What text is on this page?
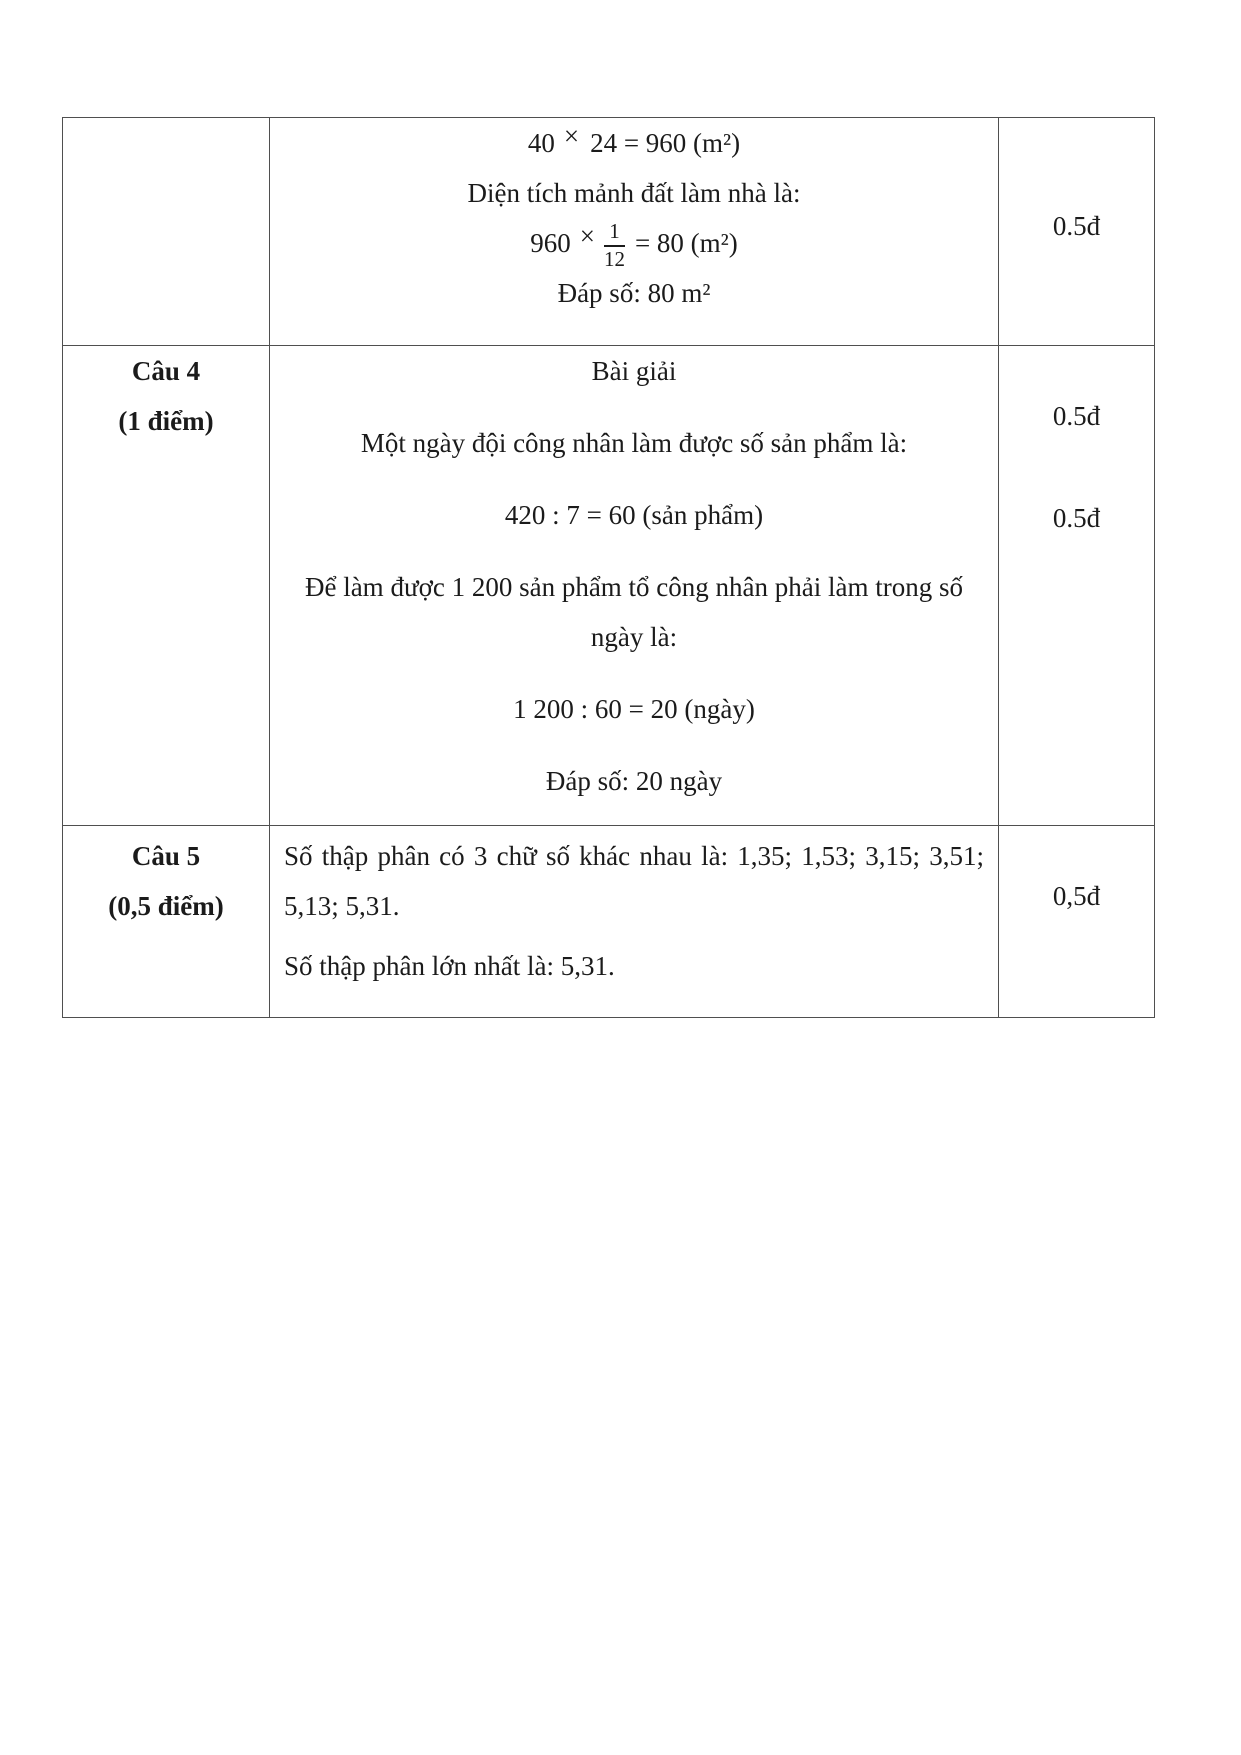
40 × 24 = 960 (m²)

Diện tích mảnh đất làm nhà là:

$960 \times \frac{1}{12} = 80$ (m²)

Đáp số: 80 m²

0.5đ
Câu 4
(1 điểm)

Bài giải

Một ngày đội công nhân làm được số sản phẩm là:

420 : 7 = 60 (sản phẩm)

Để làm được 1 200 sản phẩm tổ công nhân phải làm trong số ngày là:

1 200 : 60 = 20 (ngày)

Đáp số: 20 ngày

0.5đ
0.5đ
Câu 5
(0,5 điểm)

Số thập phân có 3 chữ số khác nhau là: 1,35; 1,53; 3,15; 3,51; 5,13; 5,31.

Số thập phân lớn nhất là: 5,31.

0,5đ
